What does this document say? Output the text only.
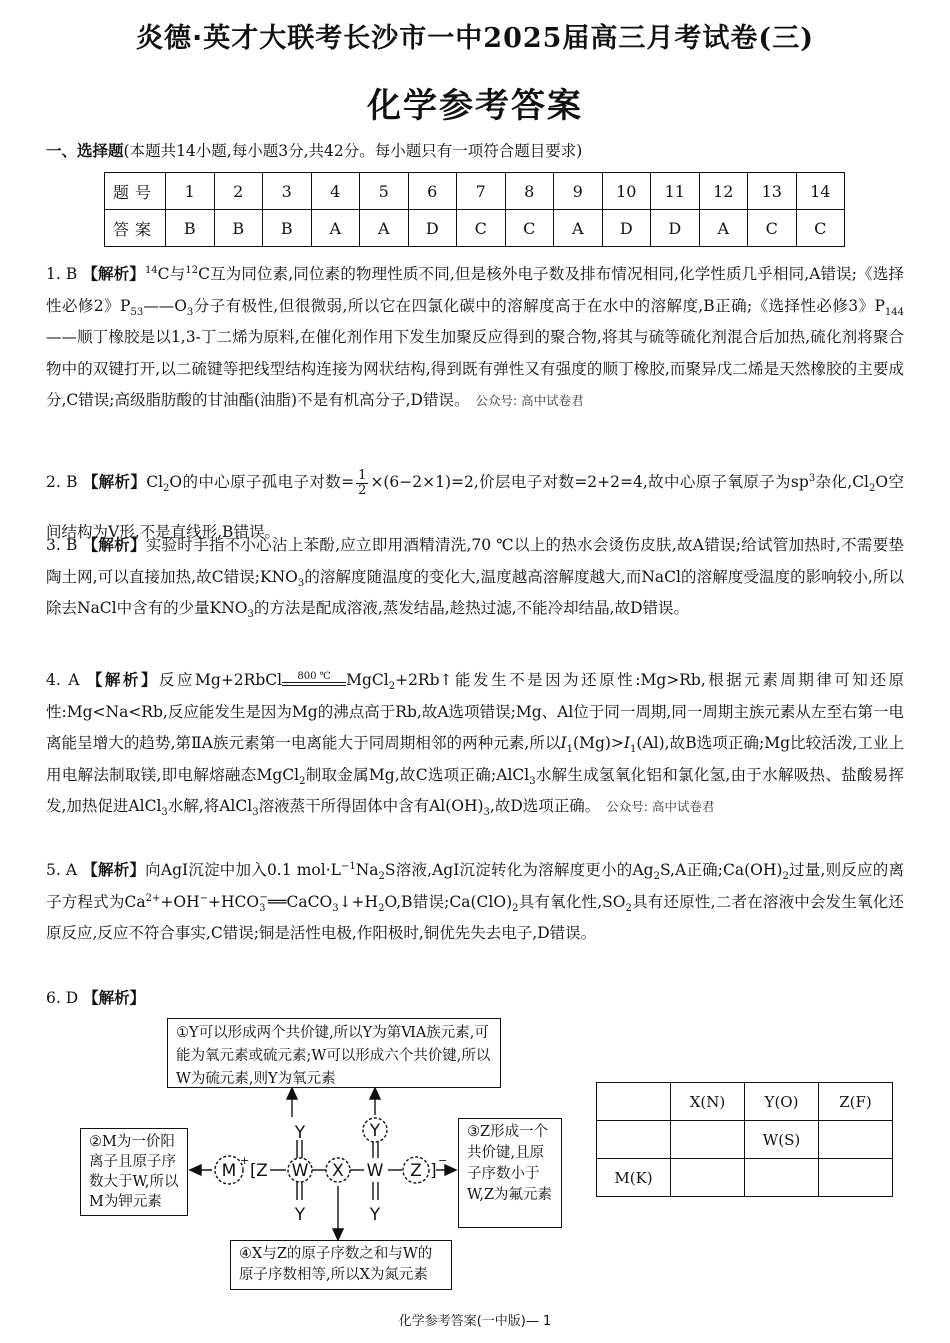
炎德·英才大联考长沙市一中2025届高三月考试卷(三)
化学参考答案
一、选择题(本题共14小题,每小题3分,共42分。每小题只有一项符合题目要求)
题号	1	2	3	4	5	6	7	8	9	10	11	12	13	14
答案	B	B	B	A	A	D	C	C	A	D	D	A	C	C
1. B 【解析】$^{14}$C与$^{12}$C互为同位素,同位素的物理性质不同,但是核外电子数及排布情况相同,化学性质几乎相同,A错误;《选择性必修2》$P_{53}——O_3$分子有极性,但很微弱,所以它在四氯化碳中的溶解度高于在水中的溶解度,B正确;《选择性必修3》$P_{144}——$顺丁橡胶是以1,3-丁二烯为原料,在催化剂作用下发生加聚反应得到的聚合物,将其与硫等硫化剂混合后加热,硫化剂将聚合物中的双键打开,以二硫键等把线型结构连接为网状结构,得到既有弹性又有强度的顺丁橡胶,而聚异戊二烯是天然橡胶的主要成分,C错误;高级脂肪酸的甘油酯(油脂)不是有机高分子,D错误。 公众号: 高中试卷君
2. B 【解析】$Cl_2O$的中心原子孤电子对数= $\frac{1}{2} \times(6-2\times 1)=2$,价层电子对数=2+2=4,故中心原子氧原子为$sp^3$杂化$,Cl_2O$空间结构为V形,不是直线形,B错误。
3. B 【解析】实验时手指不小心沾上苯酚,应立即用酒精清洗,70 ℃以上的热水会烫伤皮肤,故A错误;给试管加热时,不需要垫陶土网,可以直接加热,故C错误$;KNO_3$的溶解度随温度的变化大,温度越高溶解度越大,而NaCl的溶解度受温度的影响较小,所以除去NaCl中含有的少量$KNO_3$的方法是配成溶液,蒸发结晶,趁热过滤,不能冷却结晶,故D错误。
4. A 【解析】反应Mg+2RbCl	800 ℃ MgCl$_2$+2Rb↑能发生不是因为还原性:Mg>Rb,根据元素周期律可知还原性:Mg<Na<Rb,反应能发生是因为Mg的沸点高于Rb,故A选项错误;Mg、Al位于同一周期,同一周期主族元素从左至右第一电离能呈增大的趋势,第ⅡA族元素第一电离能大于同周期相邻的两种元素,所以$I_1(Mg)>I_1(Al)$,故B选项正确;Mg比较活泼,工业上用电解法制取镁,即电解熔融态MgCl$_2$制取金属Mg,故C选项正确;AlCl$_3$水解生成氢氧化铝和氯化氢,由于水解吸热、盐酸易挥发,加热促进AlCl$_3$水解,将AlCl$_3$溶液蒸干所得固体中含有$Al(OH)_3$,故D选项正确。 公众号: 高中试卷君
5. A 【解析】向AgI沉淀中加入0.1 $mol\cdot L^{-1}Na_2S$溶液,AgI沉淀转化为溶解度更小的$Ag_2S,A$正确$;Ca(OH)_2$过量,则反应的离子方程式为$Ca^{2+}+OH^-+HCO_3^-══CaCO_3↓+H_2O,B$错误$;Ca(ClO)_2$具有氧化性$,SO_2$具有还原性,二者在溶液中会发生氧化还原反应,反应不符合事实,C错误;铜是活性电极,作阳极时,铜优先失去电子,D错误。
6. D 【解析】
M
+
[ Z W
Y
Y
X W
Y
Y
Z ]
−
①Y可以形成两个共价键,所以Y为第ⅥA族元素,可能为氧元素或硫元素;W可以形成六个共价键,所以W为硫元素,则Y为氧元素
②M为一价阳离子且原子序数大于W,所以M为钾元素
③Z形成一个共价键,且原子序数小于W,Z为氟元素
④X与Z的原子序数之和与W的原子序数相等,所以X为氮元素
	X(N)	Y(O)	Z(F)
		W(S)	
M(K)			
化学参考答案(一中版)— 1
